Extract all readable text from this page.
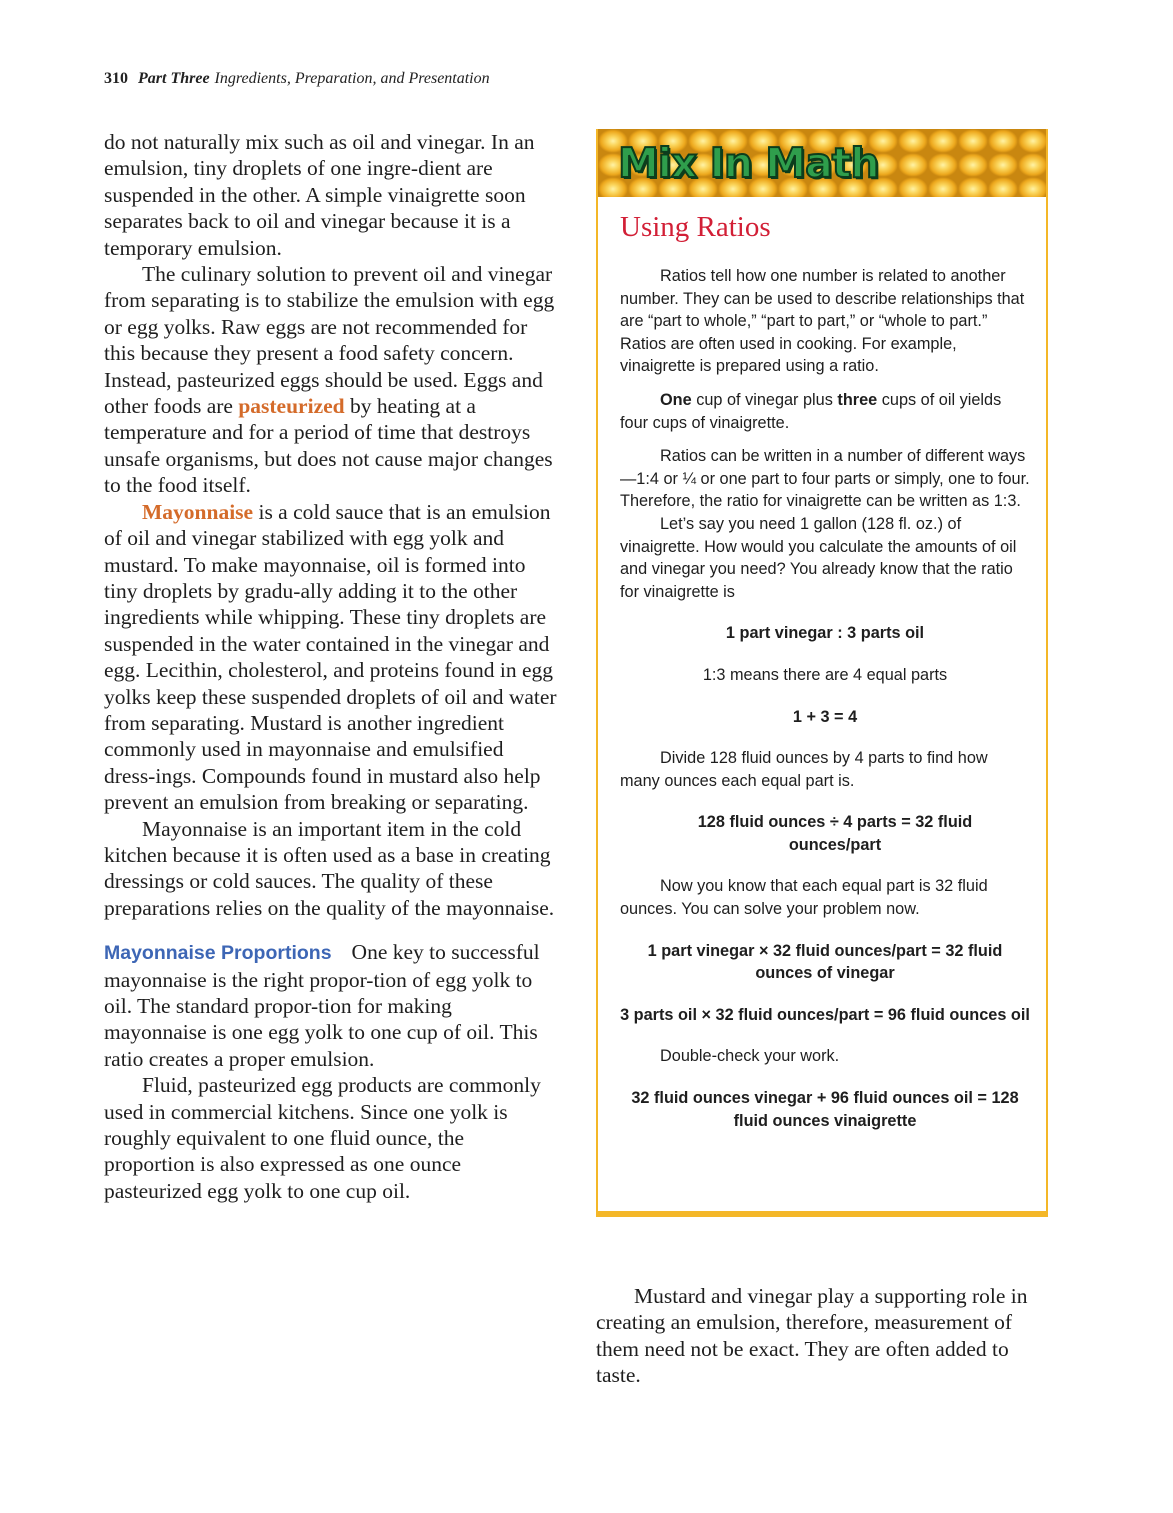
310 Part Three Ingredients, Preparation, and Presentation

do not naturally mix such as oil and vinegar. In an emulsion, tiny droplets of one ingre-dient are suspended in the other. A simple vinaigrette soon separates back to oil and vinegar because it is a temporary emulsion.

The culinary solution to prevent oil and vinegar from separating is to stabilize the emulsion with egg or egg yolks. Raw eggs are not recommended for this because they present a food safety concern. Instead, pasteurized eggs should be used. Eggs and other foods are pasteurized by heating at a temperature and for a period of time that destroys unsafe organisms, but does not cause major changes to the food itself.

Mayonnaise is a cold sauce that is an emulsion of oil and vinegar stabilized with egg yolk and mustard. To make mayonnaise, oil is formed into tiny droplets by gradu-ally adding it to the other ingredients while whipping. These tiny droplets are suspended in the water contained in the vinegar and egg. Lecithin, cholesterol, and proteins found in egg yolks keep these suspended droplets of oil and water from separating. Mustard is another ingredient commonly used in mayonnaise and emulsified dress-ings. Compounds found in mustard also help prevent an emulsion from breaking or separating.

Mayonnaise is an important item in the cold kitchen because it is often used as a base in creating dressings or cold sauces. The quality of these preparations relies on the quality of the mayonnaise.

Mayonnaise Proportions One key to successful mayonnaise is the right propor-tion of egg yolk to oil. The standard propor-tion for making mayonnaise is one egg yolk to one cup of oil. This ratio creates a proper emulsion.

Fluid, pasteurized egg products are commonly used in commercial kitchens. Since one yolk is roughly equivalent to one fluid ounce, the proportion is also expressed as one ounce pasteurized egg yolk to one cup oil.

Mix In Math
Using Ratios

Ratios tell how one number is related to another number. They can be used to describe relationships that are “part to whole,” “part to part,” or “whole to part.” Ratios are often used in cooking. For example, vinaigrette is prepared using a ratio.

One cup of vinegar plus three cups of oil yields four cups of vinaigrette.

Ratios can be written in a number of different ways—1:4 or ¼ or one part to four parts or simply, one to four. Therefore, the ratio for vinaigrette can be written as 1:3.

Let’s say you need 1 gallon (128 fl. oz.) of vinaigrette. How would you calculate the amounts of oil and vinegar you need? You already know that the ratio for vinaigrette is

1 part vinegar : 3 parts oil

1:3 means there are 4 equal parts

1 + 3 = 4

Divide 128 fluid ounces by 4 parts to find how many ounces each equal part is.

128 fluid ounces ÷ 4 parts = 32 fluid ounces/part

Now you know that each equal part is 32 fluid ounces. You can solve your problem now.

1 part vinegar × 32 fluid ounces/part = 32 fluid ounces of vinegar

3 parts oil × 32 fluid ounces/part = 96 fluid ounces oil

Double-check your work.

32 fluid ounces vinegar + 96 fluid ounces oil = 128 fluid ounces vinaigrette

Mustard and vinegar play a supporting role in creating an emulsion, therefore, measurement of them need not be exact. They are often added to taste.
